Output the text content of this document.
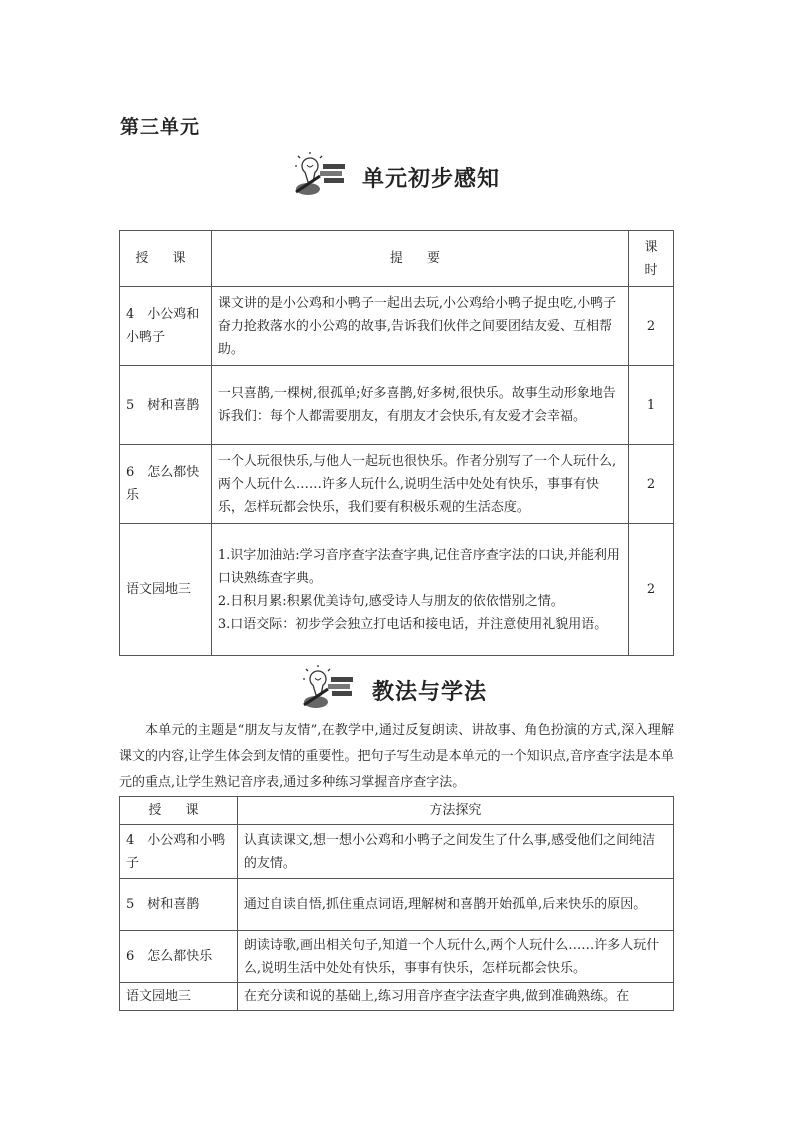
第三单元
单元初步感知
授 课	提 要	课时
4　小公鸡和小鸭子	课文讲的是小公鸡和小鸭子一起出去玩,小公鸡给小鸭子捉虫吃,小鸭子奋力抢救落水的小公鸡的故事,告诉我们伙伴之间要团结友爱、互相帮助。	2
5　树和喜鹊	一只喜鹊,一棵树,很孤单;好多喜鹊,好多树,很快乐。故事生动形象地告诉我们：每个人都需要朋友，有朋友才会快乐,有友爱才会幸福。	1
6　怎么都快乐	一个人玩很快乐,与他人一起玩也很快乐。作者分别写了一个人玩什么,两个人玩什么……许多人玩什么,说明生活中处处有快乐，事事有快乐，怎样玩都会快乐，我们要有积极乐观的生活态度。	2
语文园地三	1.识字加油站:学习音序查字法查字典,记住音序查字法的口诀,并能利用口诀熟练查字典。
2.日积月累:积累优美诗句,感受诗人与朋友的依依惜别之情。
3.口语交际：初步学会独立打电话和接电话，并注意使用礼貌用语。	2
教法与学法

本单元的主题是“朋友与友情”,在教学中,通过反复朗读、讲故事、角色扮演的方式,深入理解课文的内容,让学生体会到友情的重要性。把句子写生动是本单元的一个知识点,音序查字法是本单元的重点,让学生熟记音序表,通过多种练习掌握音序查字法。

授 课	方法探究
4　小公鸡和小鸭子	认真读课文,想一想小公鸡和小鸭子之间发生了什么事,感受他们之间纯洁的友情。
5　树和喜鹊	通过自读自悟,抓住重点词语,理解树和喜鹊开始孤单,后来快乐的原因。
6　怎么都快乐	朗读诗歌,画出相关句子,知道一个人玩什么,两个人玩什么……许多人玩什么,说明生活中处处有快乐，事事有快乐，怎样玩都会快乐。
语文园地三	在充分读和说的基础上,练习用音序查字法查字典,做到准确熟练。在
